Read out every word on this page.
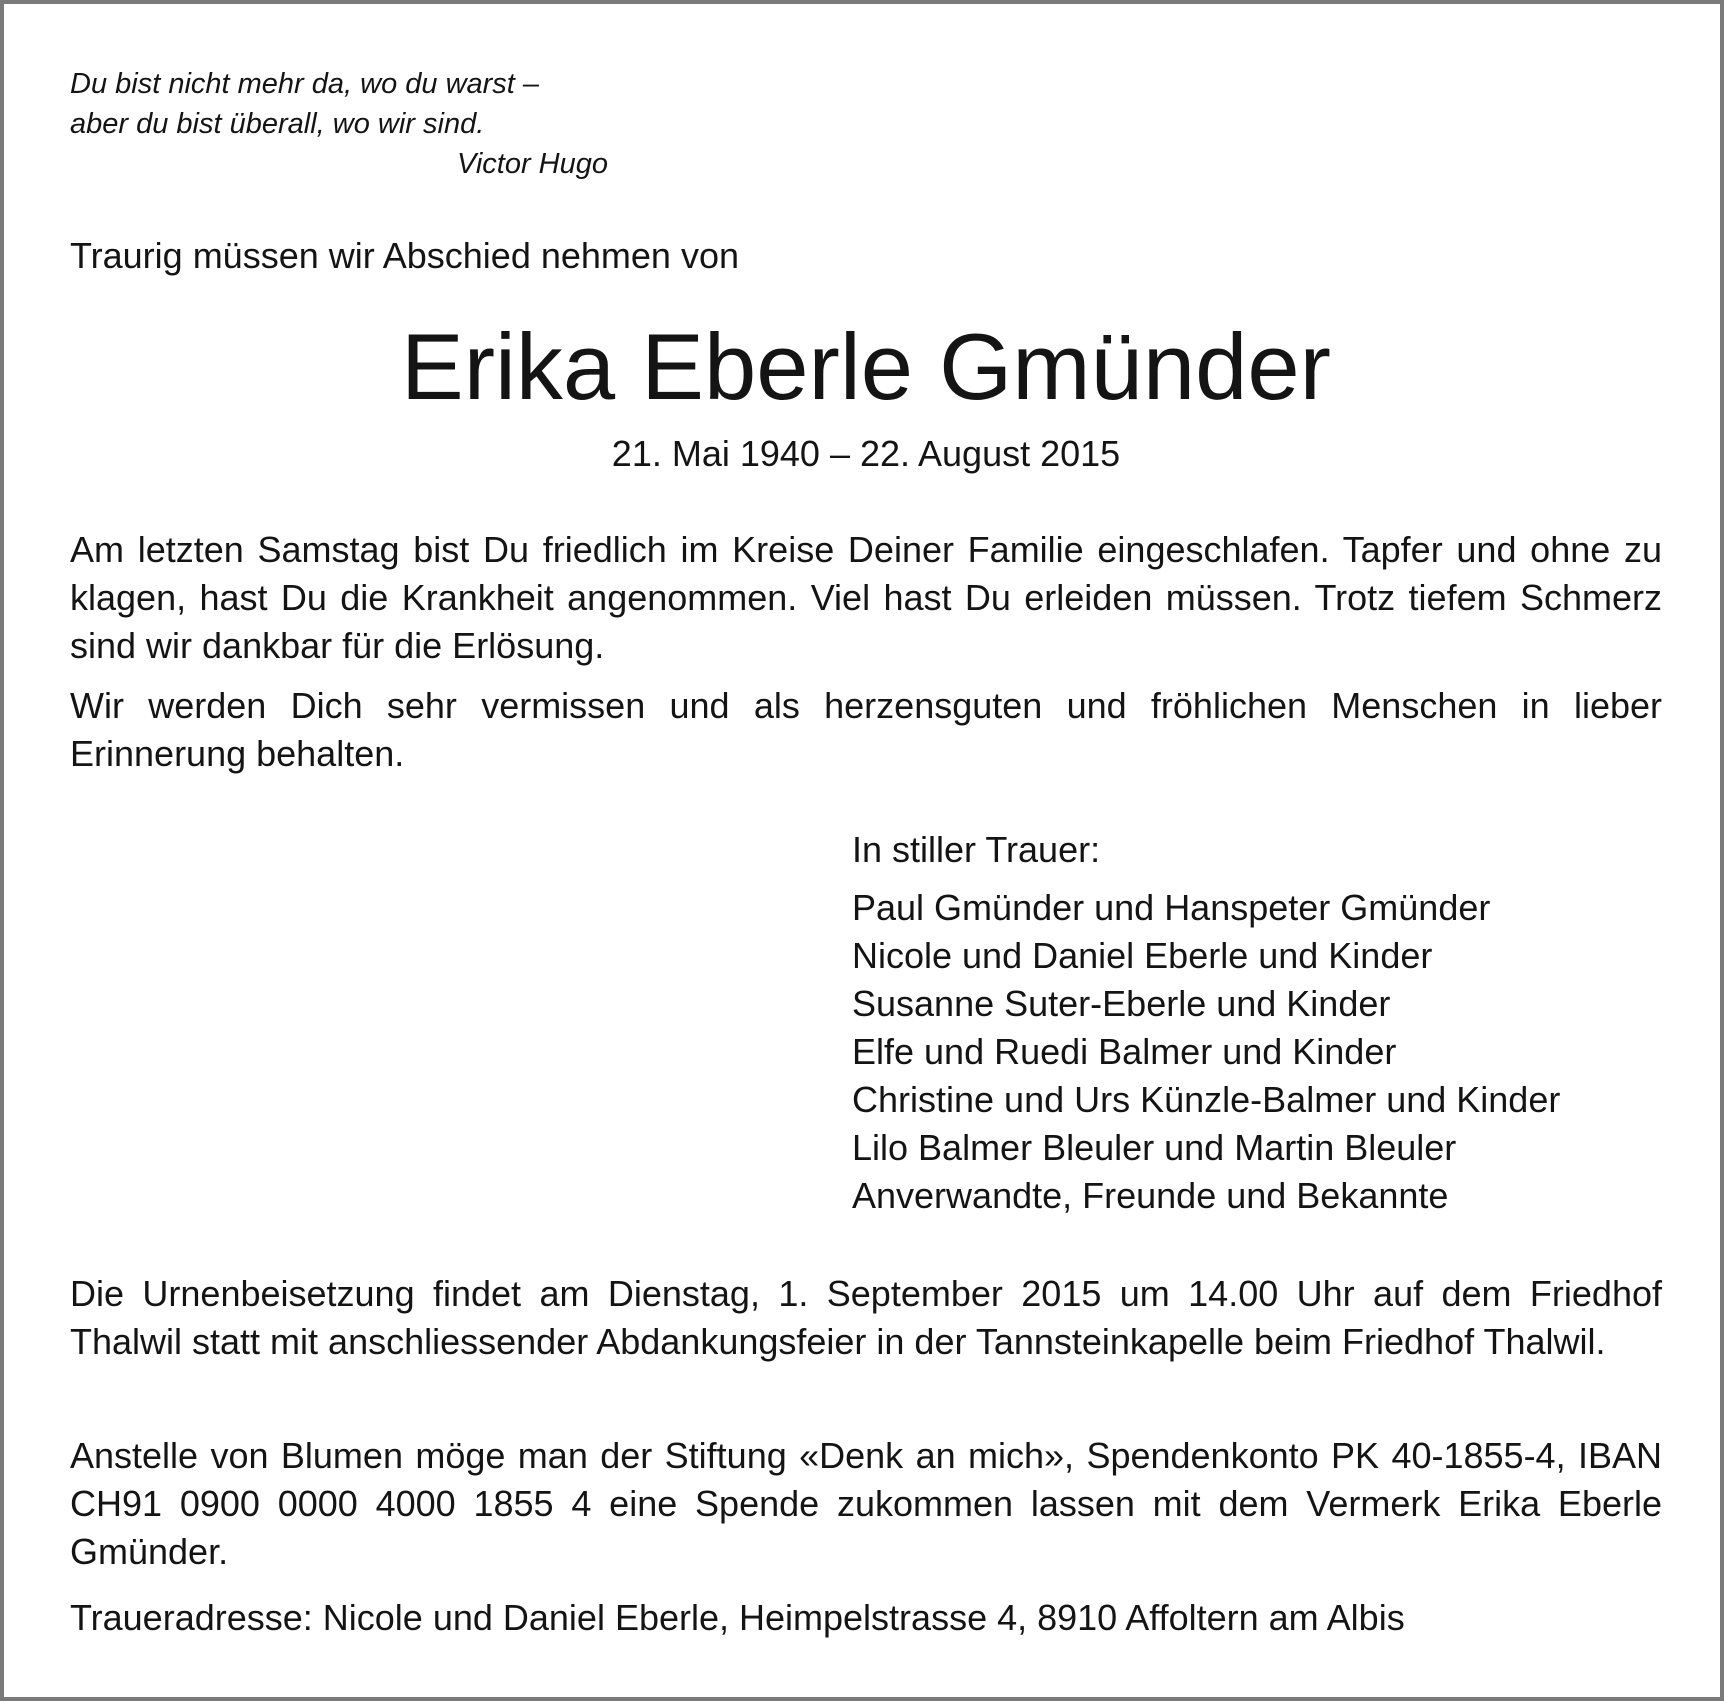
Du bist nicht mehr da, wo du warst –
aber du bist überall, wo wir sind.
Victor Hugo
Traurig müssen wir Abschied nehmen von
Erika Eberle Gmünder
21. Mai 1940 – 22. August 2015

Am letzten Samstag bist Du friedlich im Kreise Deiner Familie eingeschlafen. Tapfer und ohne zu klagen, hast Du die Krankheit angenommen. Viel hast Du erleiden müssen. Trotz tiefem Schmerz sind wir dankbar für die Erlösung.

Wir werden Dich sehr vermissen und als herzensguten und fröhlichen Menschen in lieber Erinnerung behalten.

In stiller Trauer:
Paul Gmünder und Hanspeter Gmünder
Nicole und Daniel Eberle und Kinder
Susanne Suter-Eberle und Kinder
Elfe und Ruedi Balmer und Kinder
Christine und Urs Künzle-Balmer und Kinder
Lilo Balmer Bleuler und Martin Bleuler
Anverwandte, Freunde und Bekannte

Die Urnenbeisetzung findet am Dienstag, 1. September 2015 um 14.00 Uhr auf dem Friedhof Thalwil statt mit anschliessender Abdankungsfeier in der Tannsteinkapelle beim Friedhof Thalwil.

Anstelle von Blumen möge man der Stiftung «Denk an mich», Spendenkonto PK 40-1855-4, IBAN CH91 0900 0000 4000 1855 4 eine Spende zukommen lassen mit dem Vermerk Erika Eberle Gmünder.

Traueradresse: Nicole und Daniel Eberle, Heimpelstrasse 4, 8910 Affoltern am Albis
